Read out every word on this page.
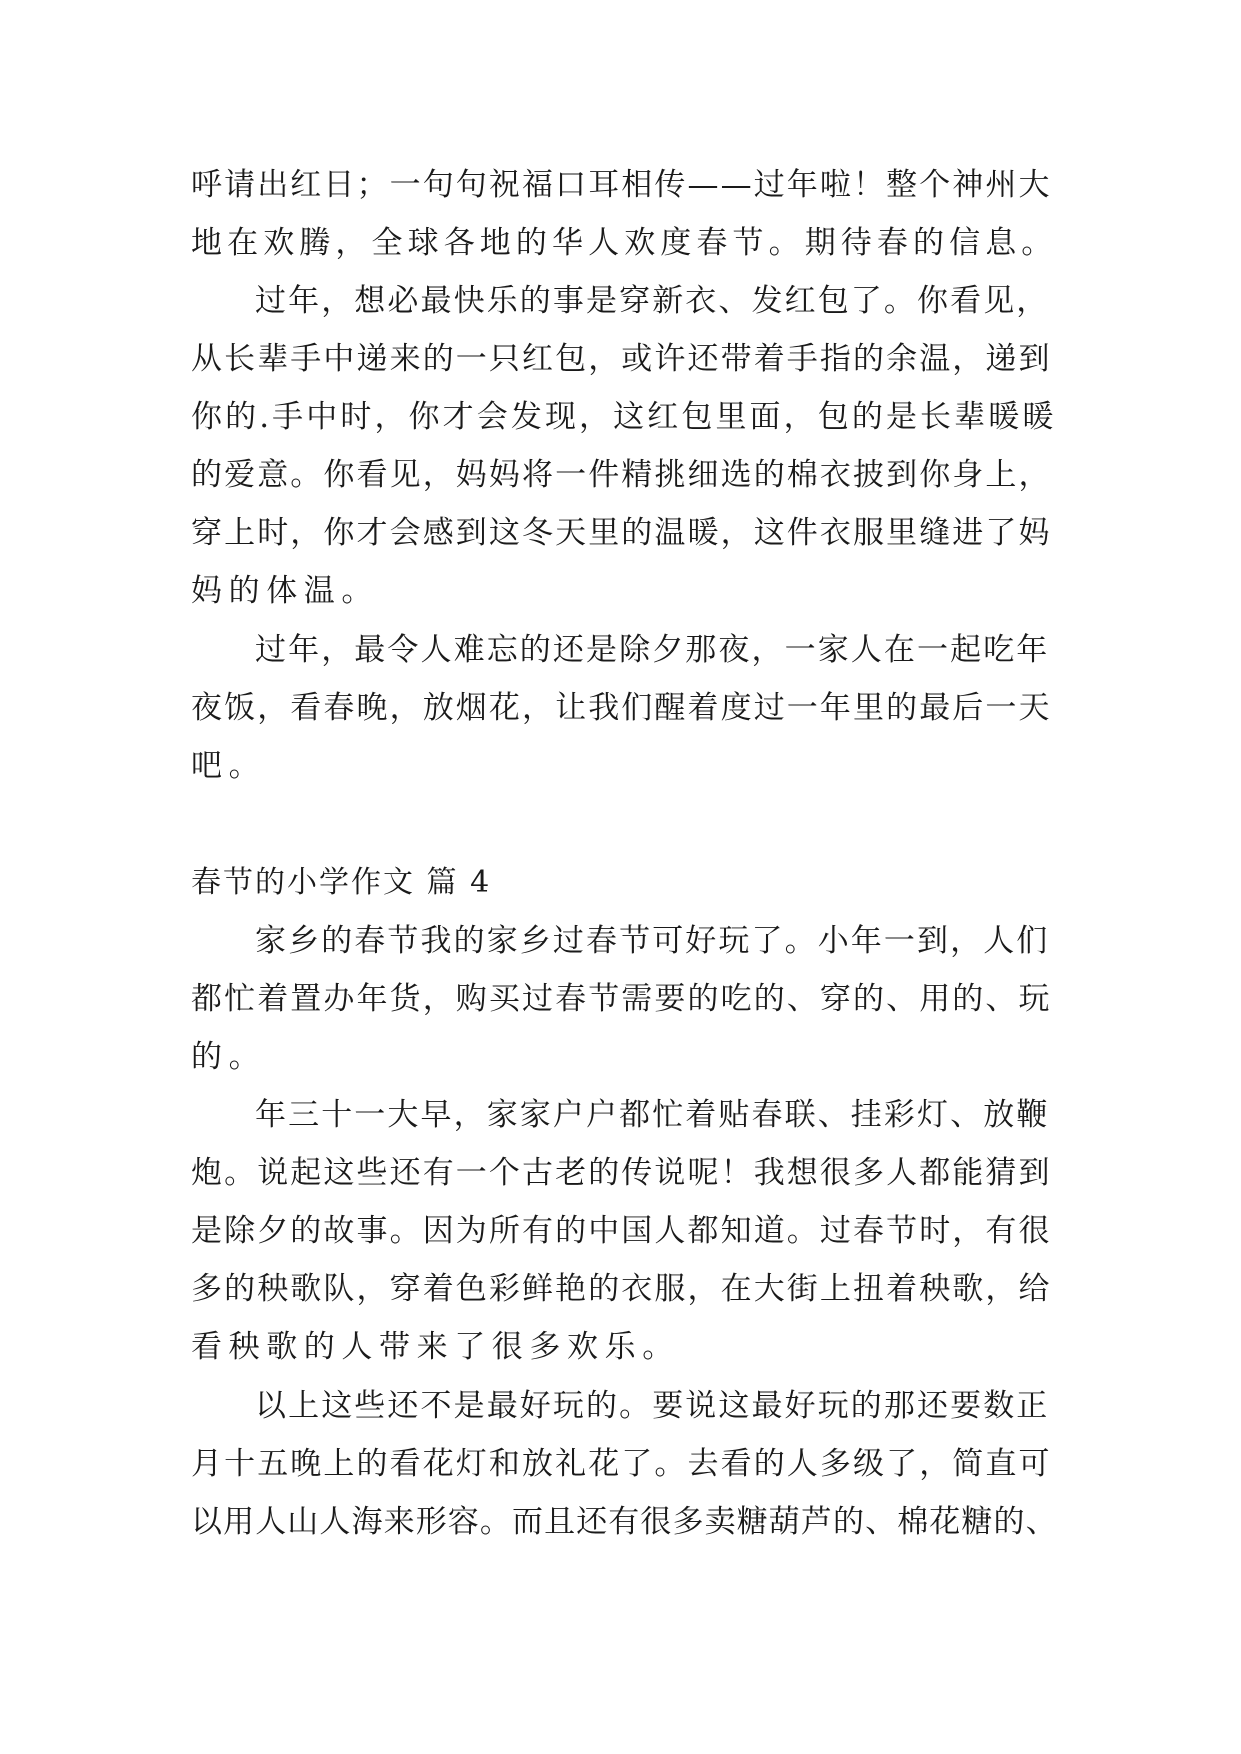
呼请出红日；一句句祝福口耳相传——过年啦！整个神州大
地在欢腾，全球各地的华人欢度春节。期待春的信息。
过年，想必最快乐的事是穿新衣、发红包了。你看见，
从长辈手中递来的一只红包，或许还带着手指的余温，递到
你的.手中时，你才会发现，这红包里面，包的是长辈暖暖
的爱意。你看见，妈妈将一件精挑细选的棉衣披到你身上，
穿上时，你才会感到这冬天里的温暖，这件衣服里缝进了妈
妈的体温。
过年，最令人难忘的还是除夕那夜，一家人在一起吃年
夜饭，看春晚，放烟花，让我们醒着度过一年里的最后一天
吧。
春节的小学作文 篇 4
家乡的春节我的家乡过春节可好玩了。小年一到，人们
都忙着置办年货，购买过春节需要的吃的、穿的、用的、玩
的。
年三十一大早，家家户户都忙着贴春联、挂彩灯、放鞭
炮。说起这些还有一个古老的传说呢！我想很多人都能猜到
是除夕的故事。因为所有的中国人都知道。过春节时，有很
多的秧歌队，穿着色彩鲜艳的衣服，在大街上扭着秧歌，给
看秧歌的人带来了很多欢乐。
以上这些还不是最好玩的。要说这最好玩的那还要数正
月十五晚上的看花灯和放礼花了。去看的人多级了，简直可
以用人山人海来形容。而且还有很多卖糖葫芦的、棉花糖的、
